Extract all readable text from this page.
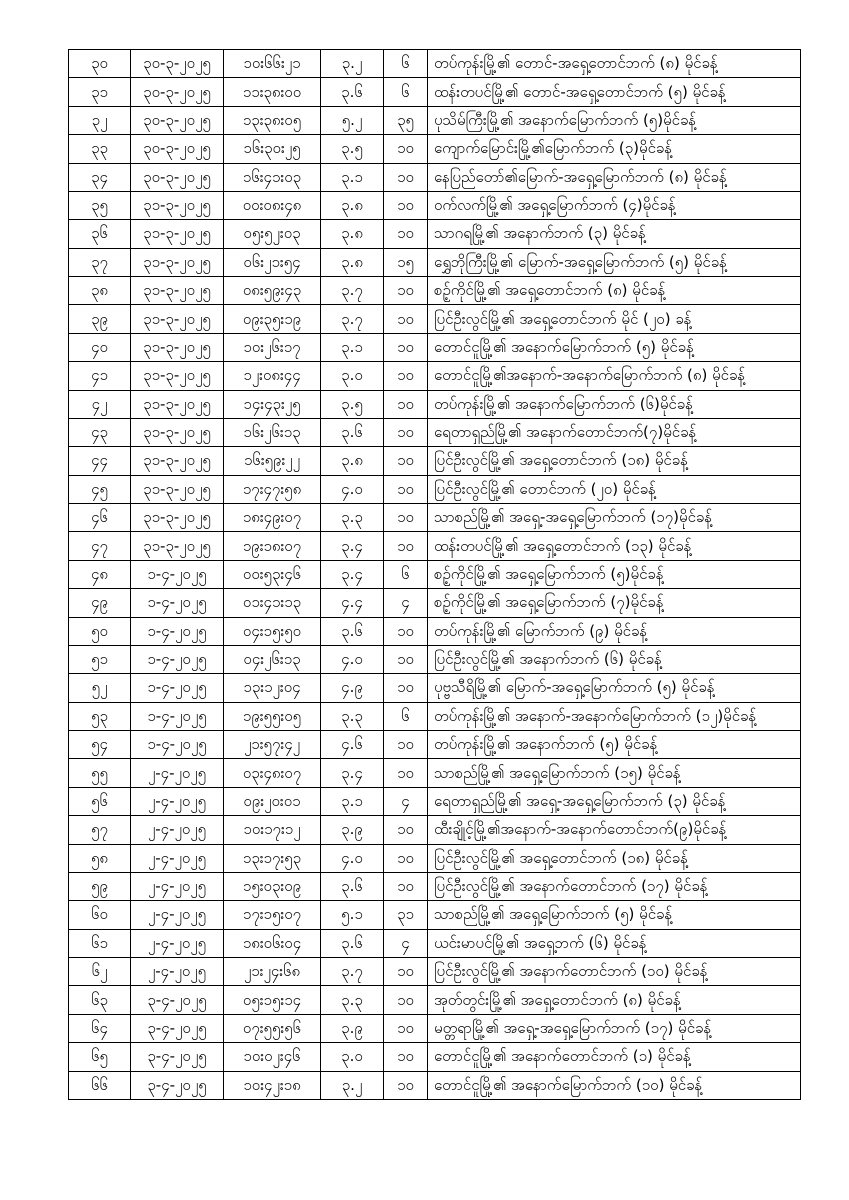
၃၀	၃၀-၃-၂၀၂၅	၁၀း၆၆း၂၁	၃.၂	၆	တပ်ကုန်းမြို့၏ တောင်-အရှေ့တောင်ဘက် (၈) မိုင်ခန့်
၃၁	၃၀-၃-၂၀၂၅	၁၁း၃၈း၀၀	၃.၆	၆	ထန်းတပင်မြို့၏ တောင်-အရှေ့တောင်ဘက် (၅) မိုင်ခန့်
၃၂	၃၀-၃-၂၀၂၅	၁၃း၃၈း၀၅	၅.၂	၃၅	ပုသိမ်ကြီးမြို့၏ အနောက်မြောက်ဘက် (၅)မိုင်ခန့်
၃၃	၃၀-၃-၂၀၂၅	၁၆း၃၀း၂၅	၃.၅	၁၀	ကျောက်မြောင်းမြို့၏မြောက်ဘက် (၃)မိုင်ခန့်
၃၄	၃၀-၃-၂၀၂၅	၁၆း၄၁း၀၃	၃.၁	၁၀	နေပြည်တော်၏မြောက်-အရှေ့မြောက်ဘက် (၈) မိုင်ခန့်
၃၅	၃၁-၃-၂၀၂၅	၀၀း၀၈း၄၈	၃.၈	၁၀	ဝက်လက်မြို့၏ အရှေ့မြောက်ဘက် (၄)မိုင်ခန့်
၃၆	၃၁-၃-၂၀၂၅	၀၅း၅၂း၀၃	၃.၈	၁၀	သာဂရမြို့၏ အနောက်ဘက် (၃) မိုင်ခန့်
၃၇	၃၁-၃-၂၀၂၅	၀၆း၂၁း၅၄	၃.၈	၁၅	ရွှေဘိုကြီးမြို့၏ မြောက်-အရှေ့မြောက်ဘက် (၅) မိုင်ခန့်
၃၈	၃၁-၃-၂၀၂၅	၀၈း၅၉း၄၃	၃.၇	၁၀	စဉ့်ကိုင်မြို့၏ အရှေ့တောင်ဘက် (၈) မိုင်ခန့်
၃၉	၃၁-၃-၂၀၂၅	၀၉း၃၅း၁၉	၃.၇	၁၀	ပြင်ဦးလွင်မြို့၏ အရှေ့တောင်ဘက် မိုင် (၂၀) ခန့်
၄၀	၃၁-၃-၂၀၂၅	၁၀း၂၆း၁၇	၃.၁	၁၀	တောင်ငူမြို့၏ အနောက်မြောက်ဘက် (၅) မိုင်ခန့်
၄၁	၃၁-၃-၂၀၂၅	၁၂း၀၈း၄၄	၃.၀	၁၀	တောင်ငူမြို့၏အနောက်-အနောက်မြောက်ဘက် (၈) မိုင်ခန့်
၄၂	၃၁-၃-၂၀၂၅	၁၄း၄၃း၂၅	၃.၅	၁၀	တပ်ကုန်းမြို့၏ အနောက်မြောက်ဘက် (၆)မိုင်ခန့်
၄၃	၃၁-၃-၂၀၂၅	၁၆း၂၆း၁၃	၃.၆	၁၀	ရေတာရှည်မြို့၏ အနောက်တောင်ဘက်(၇)မိုင်ခန့်
၄၄	၃၁-၃-၂၀၂၅	၁၆း၅၉း၂၂	၃.၈	၁၀	ပြင်ဦးလွင်မြို့၏ အရှေ့တောင်ဘက် (၁၈) မိုင်ခန့်
၄၅	၃၁-၃-၂၀၂၅	၁၇း၄၇း၅၈	၄.၀	၁၀	ပြင်ဦးလွင်မြို့၏ တောင်ဘက် (၂၀) မိုင်ခန့်
၄၆	၃၁-၃-၂၀၂၅	၁၈း၄၉း၀၇	၃.၃	၁၀	သာစည်မြို့၏ အရှေ့-အရှေ့မြောက်ဘက် (၁၇)မိုင်ခန့်
၄၇	၃၁-၃-၂၀၂၅	၁၉း၁၈း၀၇	၃.၄	၁၀	ထန်းတပင်မြို့၏ အရှေ့တောင်ဘက် (၁၃) မိုင်ခန့်
၄၈	၁-၄-၂၀၂၅	၀၀း၅၃း၄၆	၃.၄	၆	စဉ့်ကိုင်မြို့၏ အရှေ့မြောက်ဘက် (၅)မိုင်ခန့်
၄၉	၁-၄-၂၀၂၅	၀၁း၄၁း၁၃	၄.၄	၄	စဉ့်ကိုင်မြို့၏ အရှေ့မြောက်ဘက် (၇)မိုင်ခန့်
၅၀	၁-၄-၂၀၂၅	၀၄း၁၅း၅၀	၃.၆	၁၀	တပ်ကုန်းမြို့၏ မြောက်ဘက် (၉) မိုင်ခန့်
၅၁	၁-၄-၂၀၂၅	၀၄း၂၆း၁၃	၄.၀	၁၀	ပြင်ဦးလွင်မြို့၏ အနောက်ဘက် (၆) မိုင်ခန့်
၅၂	၁-၄-၂၀၂၅	၁၃း၁၂း၀၄	၄.၉	၁၀	ပုဗ္ဗသီရိမြို့၏ မြောက်-အရှေ့မြောက်ဘက် (၅) မိုင်ခန့်
၅၃	၁-၄-၂၀၂၅	၁၉း၅၅း၀၅	၃.၃	၆	တပ်ကုန်းမြို့၏ အနောက်-အနောက်မြောက်ဘက် (၁၂)မိုင်ခန့်
၅၄	၁-၄-၂၀၂၅	၂၁း၅၇း၄၂	၄.၆	၁၀	တပ်ကုန်းမြို့၏ အနောက်ဘက် (၅) မိုင်ခန့်
၅၅	၂-၄-၂၀၂၅	၀၃း၄၈း၀၇	၃.၄	၁၀	သာစည်မြို့၏ အရှေ့မြောက်ဘက် (၁၅) မိုင်ခန့်
၅၆	၂-၄-၂၀၂၅	၀၉း၂၀း၀၁	၃.၁	၄	ရေတာရှည်မြို့၏ အရှေ့-အရှေ့မြောက်ဘက် (၃) မိုင်ခန့်
၅၇	၂-၄-၂၀၂၅	၁၀း၁၇း၁၂	၃.၉	၁၀	ထီးချိုင့်မြို့၏အနောက်-အနောက်တောင်ဘက်(၉)မိုင်ခန့်
၅၈	၂-၄-၂၀၂၅	၁၃း၁၇း၅၃	၄.၀	၁၀	ပြင်ဦးလွင်မြို့၏ အရှေ့တောင်ဘက် (၁၈) မိုင်ခန့်
၅၉	၂-၄-၂၀၂၅	၁၅း၀၃း၀၉	၃.၆	၁၀	ပြင်ဦးလွင်မြို့၏ အနောက်တောင်ဘက် (၁၇) မိုင်ခန့်
၆၀	၂-၄-၂၀၂၅	၁၇း၁၅း၀၇	၅.၁	၃၁	သာစည်မြို့၏ အရှေ့မြောက်ဘက် (၅) မိုင်ခန့်
၆၁	၂-၄-၂၀၂၅	၁၈း၀၆း၀၄	၃.၆	၄	ယင်းမာပင်မြို့၏ အရှေ့ဘက် (၆) မိုင်ခန့်
၆၂	၂-၄-၂၀၂၅	၂၁း၂၄း၆၈	၃.၇	၁၀	ပြင်ဦးလွင်မြို့၏ အနောက်တောင်ဘက် (၁၀) မိုင်ခန့်
၆၃	၃-၄-၂၀၂၅	၀၅း၁၅း၁၄	၃.၃	၁၀	အုတ်တွင်းမြို့၏ အရှေ့တောင်ဘက် (၈) မိုင်ခန့်
၆၄	၃-၄-၂၀၂၅	၀၇း၅၅း၅၆	၃.၉	၁၀	မတ္တရာမြို့၏ အရှေ့-အရှေ့မြောက်ဘက် (၁၇) မိုင်ခန့်
၆၅	၃-၄-၂၀၂၅	၁၀း၀၂း၄၆	၃.၀	၁၀	တောင်ငူမြို့၏ အနောက်တောင်ဘက် (၁) မိုင်ခန့်
၆၆	၃-၄-၂၀၂၅	၁၀း၄၂း၁၈	၃.၂	၁၀	တောင်ငူမြို့၏ အနောက်မြောက်ဘက် (၁၀) မိုင်ခန့်
